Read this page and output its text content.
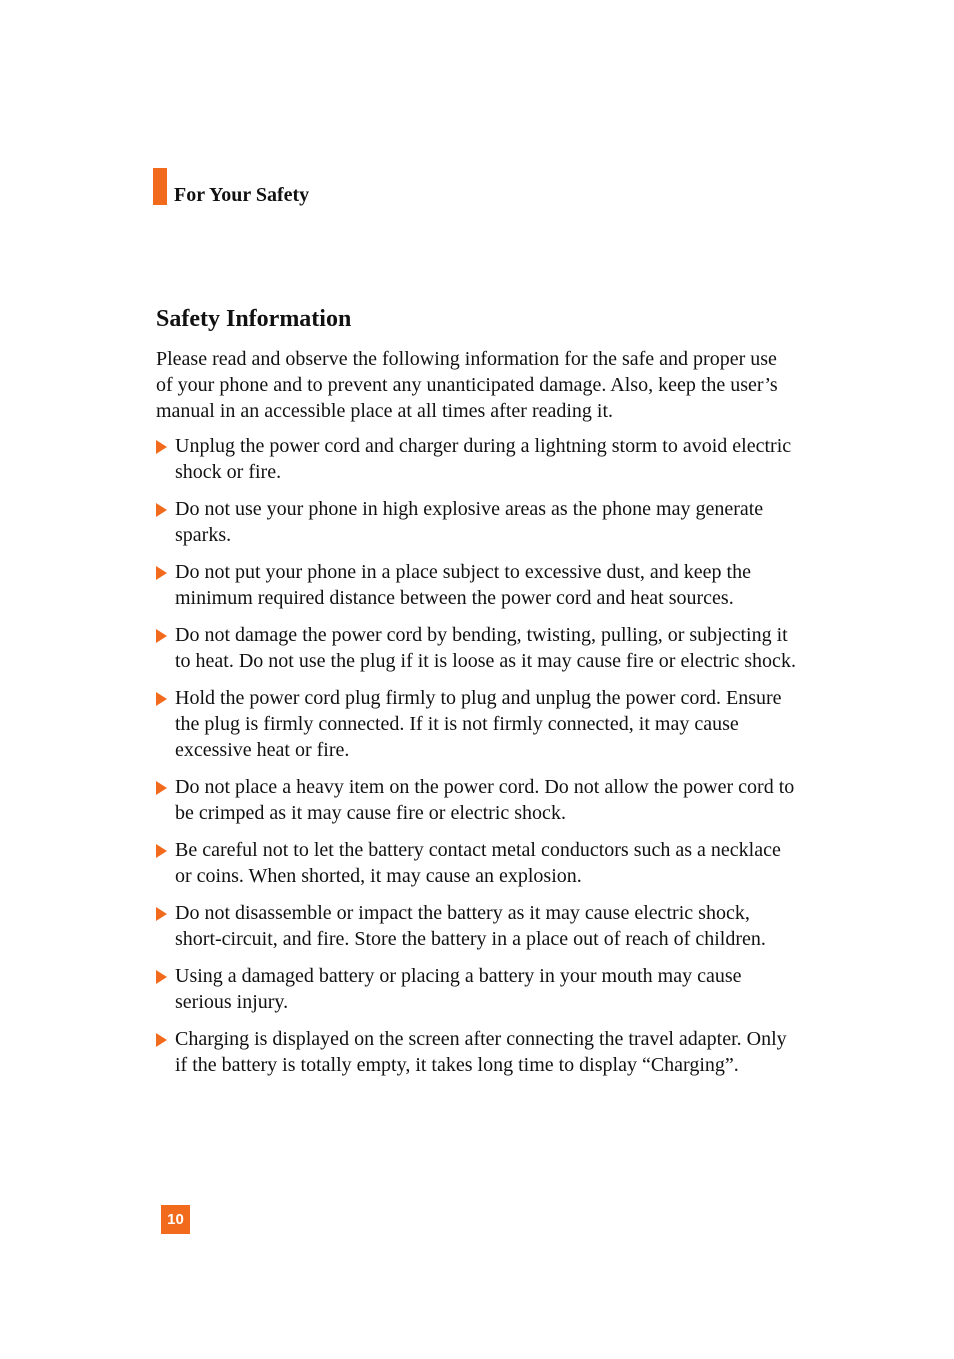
For Your Safety
Safety Information

Please read and observe the following information for the safe and proper use of your phone and to prevent any unanticipated damage. Also, keep the user’s manual in an accessible place at all times after reading it.

Unplug the power cord and charger during a lightning storm to avoid electric shock or fire.
Do not use your phone in high explosive areas as the phone may generate sparks.
Do not put your phone in a place subject to excessive dust, and keep the minimum required distance between the power cord and heat sources.
Do not damage the power cord by bending, twisting, pulling, or subjecting it to heat. Do not use the plug if it is loose as it may cause fire or electric shock.
Hold the power cord plug firmly to plug and unplug the power cord. Ensure the plug is firmly connected. If it is not firmly connected, it may cause excessive heat or fire.
Do not place a heavy item on the power cord. Do not allow the power cord to be crimped as it may cause fire or electric shock.
Be careful not to let the battery contact metal conductors such as a necklace or coins. When shorted, it may cause an explosion.
Do not disassemble or impact the battery as it may cause electric shock, short-circuit, and fire. Store the battery in a place out of reach of children.
Using a damaged battery or placing a battery in your mouth may cause serious injury.
Charging is displayed on the screen after connecting the travel adapter. Only if the battery is totally empty, it takes long time to display “Charging”.
10
